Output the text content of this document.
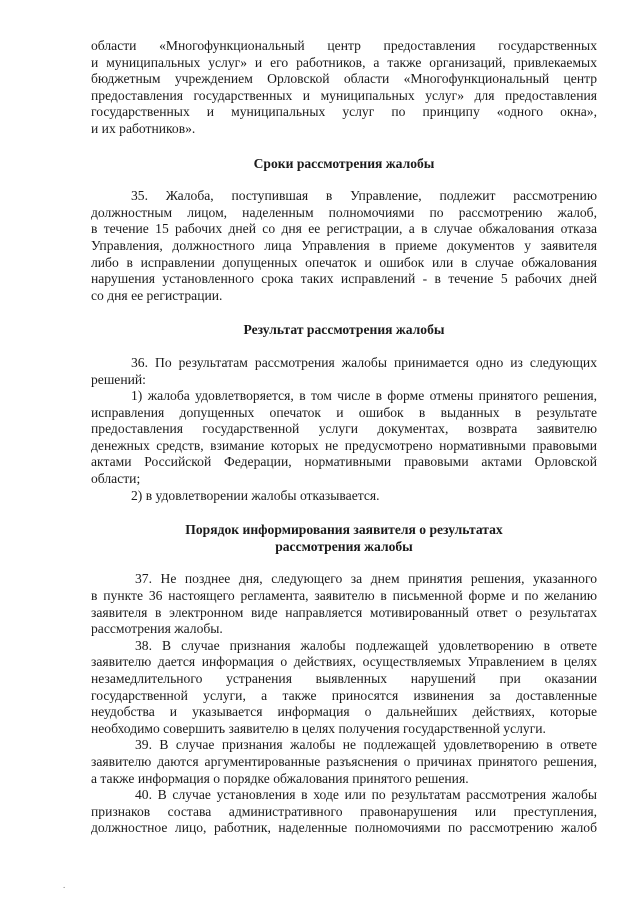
области «Многофункциональный центр предоставления государственных
и муниципальных услуг» и его работников, а также организаций, привлекаемых
бюджетным учреждением Орловской области «Многофункциональный центр
предоставления государственных и муниципальных услуг» для предоставления
государственных и муниципальных услуг по принципу «одного окна»,
и их работников».
Сроки рассмотрения жалобы
35. Жалоба, поступившая в Управление, подлежит рассмотрению
должностным лицом, наделенным полномочиями по рассмотрению жалоб,
в течение 15 рабочих дней со дня ее регистрации, а в случае обжалования отказа
Управления, должностного лица Управления в приеме документов у заявителя
либо в исправлении допущенных опечаток и ошибок или в случае обжалования
нарушения установленного срока таких исправлений - в течение 5 рабочих дней
со дня ее регистрации.
Результат рассмотрения жалобы
36. По результатам рассмотрения жалобы принимается одно из следующих
решений:
1) жалоба удовлетворяется, в том числе в форме отмены принятого решения,
исправления допущенных опечаток и ошибок в выданных в результате
предоставления государственной услуги документах, возврата заявителю
денежных средств, взимание которых не предусмотрено нормативными правовыми
актами Российской Федерации, нормативными правовыми актами Орловской
области;
2) в удовлетворении жалобы отказывается.
Порядок информирования заявителя о результатах
рассмотрения жалобы
37. Не позднее дня, следующего за днем принятия решения, указанного
в пункте 36 настоящего регламента, заявителю в письменной форме и по желанию
заявителя в электронном виде направляется мотивированный ответ о результатах
рассмотрения жалобы.
38. В случае признания жалобы подлежащей удовлетворению в ответе
заявителю дается информация о действиях, осуществляемых Управлением в целях
незамедлительного устранения выявленных нарушений при оказании
государственной услуги, а также приносятся извинения за доставленные
неудобства и указывается информация о дальнейших действиях, которые
необходимо совершить заявителю в целях получения государственной услуги.
39. В случае признания жалобы не подлежащей удовлетворению в ответе
заявителю даются аргументированные разъяснения о причинах принятого решения,
а также информация о порядке обжалования принятого решения.
40. В случае установления в ходе или по результатам рассмотрения жалобы
признаков состава административного правонарушения или преступления,
должностное лицо, работник, наделенные полномочиями по рассмотрению жалоб
.
